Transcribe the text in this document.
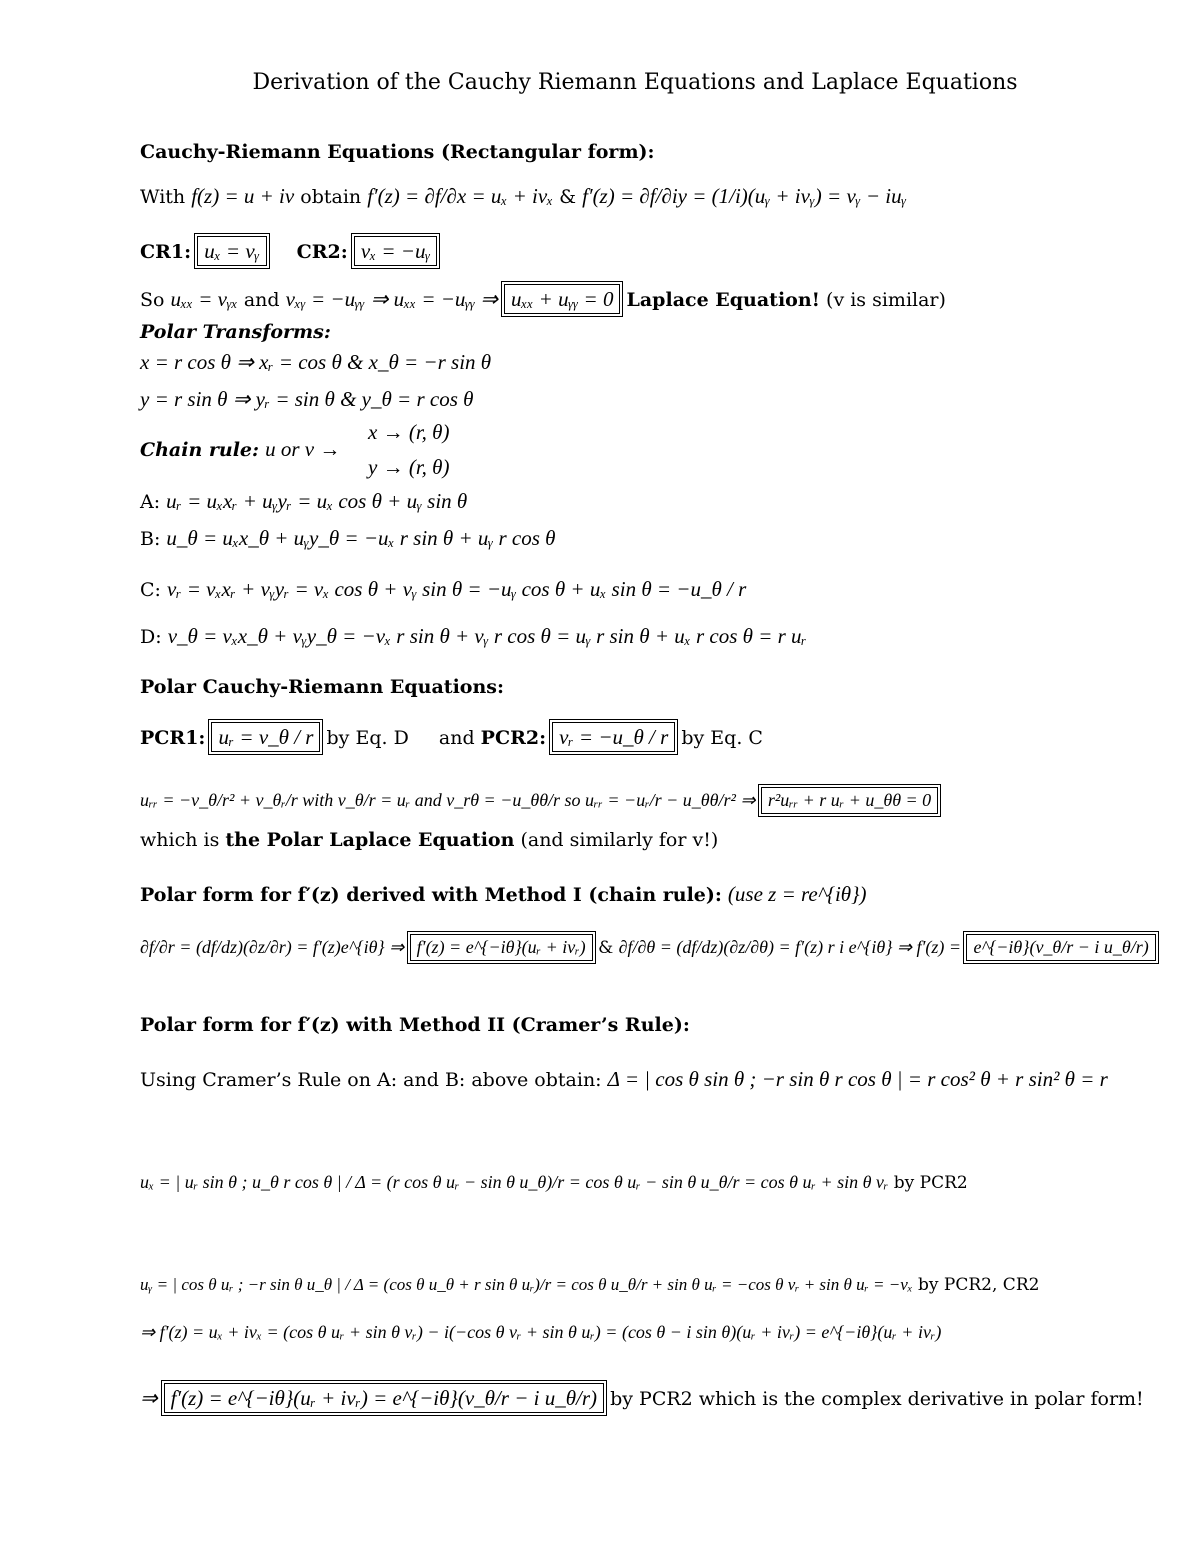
Derivation of the Cauchy Riemann Equations and Laplace Equations
Cauchy-Riemann Equations (Rectangular form):
With f(z) = u + iv obtain f′(z) = ∂f/∂x = uₓ + ivₓ & f′(z) = ∂f/∂iy = (1/i)(uᵧ + ivᵧ) = vᵧ − iuᵧ
CR1: uₓ = vᵧ CR2: vₓ = −uᵧ
So uₓₓ = vᵧₓ and vₓᵧ = −uᵧᵧ ⇒ uₓₓ = −uᵧᵧ ⇒ uₓₓ + uᵧᵧ = 0 Laplace Equation! (v is similar)
Polar Transforms:
x = r cos θ ⇒ xᵣ = cos θ & x_θ = −r sin θ
y = r sin θ ⇒ yᵣ = sin θ & y_θ = r cos θ
x → (r, θ)
Chain rule: u or v →
y → (r, θ)
A: uᵣ = uₓxᵣ + uᵧyᵣ = uₓ cos θ + uᵧ sin θ
B: u_θ = uₓx_θ + uᵧy_θ = −uₓ r sin θ + uᵧ r cos θ
C: vᵣ = vₓxᵣ + vᵧyᵣ = vₓ cos θ + vᵧ sin θ = −uᵧ cos θ + uₓ sin θ = −u_θ / r
D: v_θ = vₓx_θ + vᵧy_θ = −vₓ r sin θ + vᵧ r cos θ = uᵧ r sin θ + uₓ r cos θ = r uᵣ
Polar Cauchy-Riemann Equations:
PCR1: uᵣ = v_θ / r by Eq. D and PCR2: vᵣ = −u_θ / r by Eq. C
uᵣᵣ = −v_θ/r² + v_θᵣ/r with v_θ/r = uᵣ and v_rθ = −u_θθ/r so uᵣᵣ = −uᵣ/r − u_θθ/r² ⇒ r²uᵣᵣ + r uᵣ + u_θθ = 0
which is the Polar Laplace Equation (and similarly for v!)
Polar form for f′(z) derived with Method I (chain rule): (use z = re^{iθ})
∂f/∂r = (df/dz)(∂z/∂r) = f′(z)e^{iθ} ⇒ f′(z) = e^{−iθ}(uᵣ + ivᵣ) & ∂f/∂θ = (df/dz)(∂z/∂θ) = f′(z) r i e^{iθ} ⇒ f′(z) = e^{−iθ}(v_θ/r − i u_θ/r)
Polar form for f′(z) with Method II (Cramer’s Rule):
Using Cramer’s Rule on A: and B: above obtain: Δ = | cos θ sin θ ; −r sin θ r cos θ | = r cos² θ + r sin² θ = r
uₓ = | uᵣ sin θ ; u_θ r cos θ | / Δ = (r cos θ uᵣ − sin θ u_θ)/r = cos θ uᵣ − sin θ u_θ/r = cos θ uᵣ + sin θ vᵣ by PCR2
uᵧ = | cos θ uᵣ ; −r sin θ u_θ | / Δ = (cos θ u_θ + r sin θ uᵣ)/r = cos θ u_θ/r + sin θ uᵣ = −cos θ vᵣ + sin θ uᵣ = −vₓ by PCR2, CR2
⇒ f′(z) = uₓ + ivₓ = (cos θ uᵣ + sin θ vᵣ) − i(−cos θ vᵣ + sin θ uᵣ) = (cos θ − i sin θ)(uᵣ + ivᵣ) = e^{−iθ}(uᵣ + ivᵣ)
⇒ f′(z) = e^{−iθ}(uᵣ + ivᵣ) = e^{−iθ}(v_θ/r − i u_θ/r) by PCR2 which is the complex derivative in polar form!
